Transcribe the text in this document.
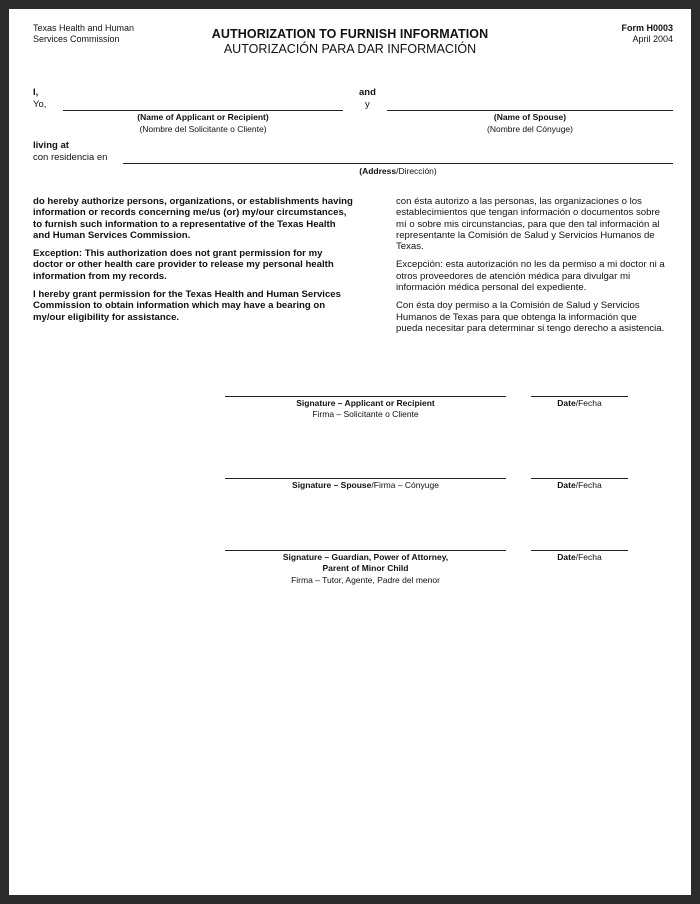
Texas Health and Human
Services Commission	AUTHORIZATION TO FURNISH INFORMATION
AUTORIZACIÓN PARA DAR INFORMACIÓN
Form H0003
April 2004
I,
Yo,
(Name of Applicant or Recipient)
(Nombre del Solicitante o Cliente)
and
y
(Name of Spouse)
(Nombre del Cónyuge)
living at
con residencia en
(Address/Dirección)

do hereby authorize persons, organizations, or establishments having information or records concerning me/us (or) my/our circumstances, to furnish such information to a representative of the Texas Health and Human Services Commission.

Exception: This authorization does not grant permission for my doctor or other health care provider to release my personal health information from my records.

I hereby grant permission for the Texas Health and Human Services Commission to obtain information which may have a bearing on my/our eligibility for assistance.

con ésta autorizo a las personas, las organizaciones o los establecimientos que tengan información o documentos sobre mí o sobre mis circunstancias, para que den tal información al representante la Comisión de Salud y Servicios Humanos de Texas.

Excepción: esta autorización no les da permiso a mi doctor ni a otros proveedores de atención médica para divulgar mi información médica personal del expediente.

Con ésta doy permiso a la Comisión de Salud y Servicios Humanos de Texas para que obtenga la información que pueda necesitar para determinar si tengo derecho a asistencia.

Signature – Applicant or Recipient
Firma – Solicitante o Cliente
Date/Fecha
Signature – Spouse/Firma – Cónyuge	Date/Fecha
Signature – Guardian, Power of Attorney,
Parent of Minor Child
Firma – Tutor, Agente, Padre del menor
Date/Fecha
